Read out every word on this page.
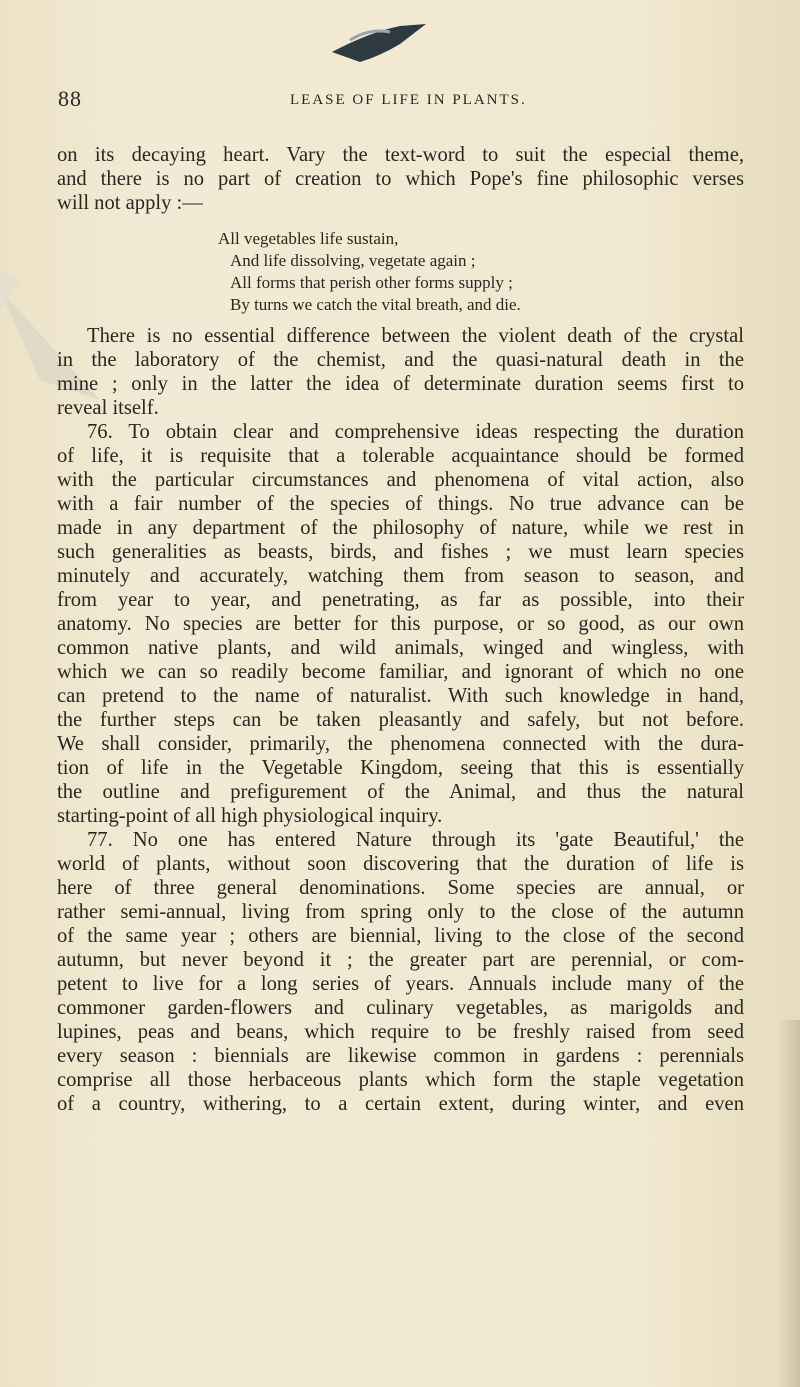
88	LEASE OF LIFE IN PLANTS.
on its decaying heart. Vary the text-word to suit the especial theme,
and there is no part of creation to which Pope's fine philosophic verses
will not apply :—
All vegetables life sustain,
And life dissolving, vegetate again ;
All forms that perish other forms supply ;
By turns we catch the vital breath, and die.
There is no essential difference between the violent death of the crystal
in the laboratory of the chemist, and the quasi-natural death in the
mine ; only in the latter the idea of determinate duration seems first to
reveal itself.
76. To obtain clear and comprehensive ideas respecting the duration
of life, it is requisite that a tolerable acquaintance should be formed
with the particular circumstances and phenomena of vital action, also
with a fair number of the species of things. No true advance can be
made in any department of the philosophy of nature, while we rest in
such generalities as beasts, birds, and fishes ; we must learn species
minutely and accurately, watching them from season to season, and
from year to year, and penetrating, as far as possible, into their
anatomy. No species are better for this purpose, or so good, as our own
common native plants, and wild animals, winged and wingless, with
which we can so readily become familiar, and ignorant of which no one
can pretend to the name of naturalist. With such knowledge in hand,
the further steps can be taken pleasantly and safely, but not before.
We shall consider, primarily, the phenomena connected with the dura-
tion of life in the Vegetable Kingdom, seeing that this is essentially
the outline and prefigurement of the Animal, and thus the natural
starting-point of all high physiological inquiry.
77. No one has entered Nature through its 'gate Beautiful,' the
world of plants, without soon discovering that the duration of life is
here of three general denominations. Some species are annual, or
rather semi-annual, living from spring only to the close of the autumn
of the same year ; others are biennial, living to the close of the second
autumn, but never beyond it ; the greater part are perennial, or com-
petent to live for a long series of years. Annuals include many of the
commoner garden-flowers and culinary vegetables, as marigolds and
lupines, peas and beans, which require to be freshly raised from seed
every season : biennials are likewise common in gardens : perennials
comprise all those herbaceous plants which form the staple vegetation
of a country, withering, to a certain extent, during winter, and even
